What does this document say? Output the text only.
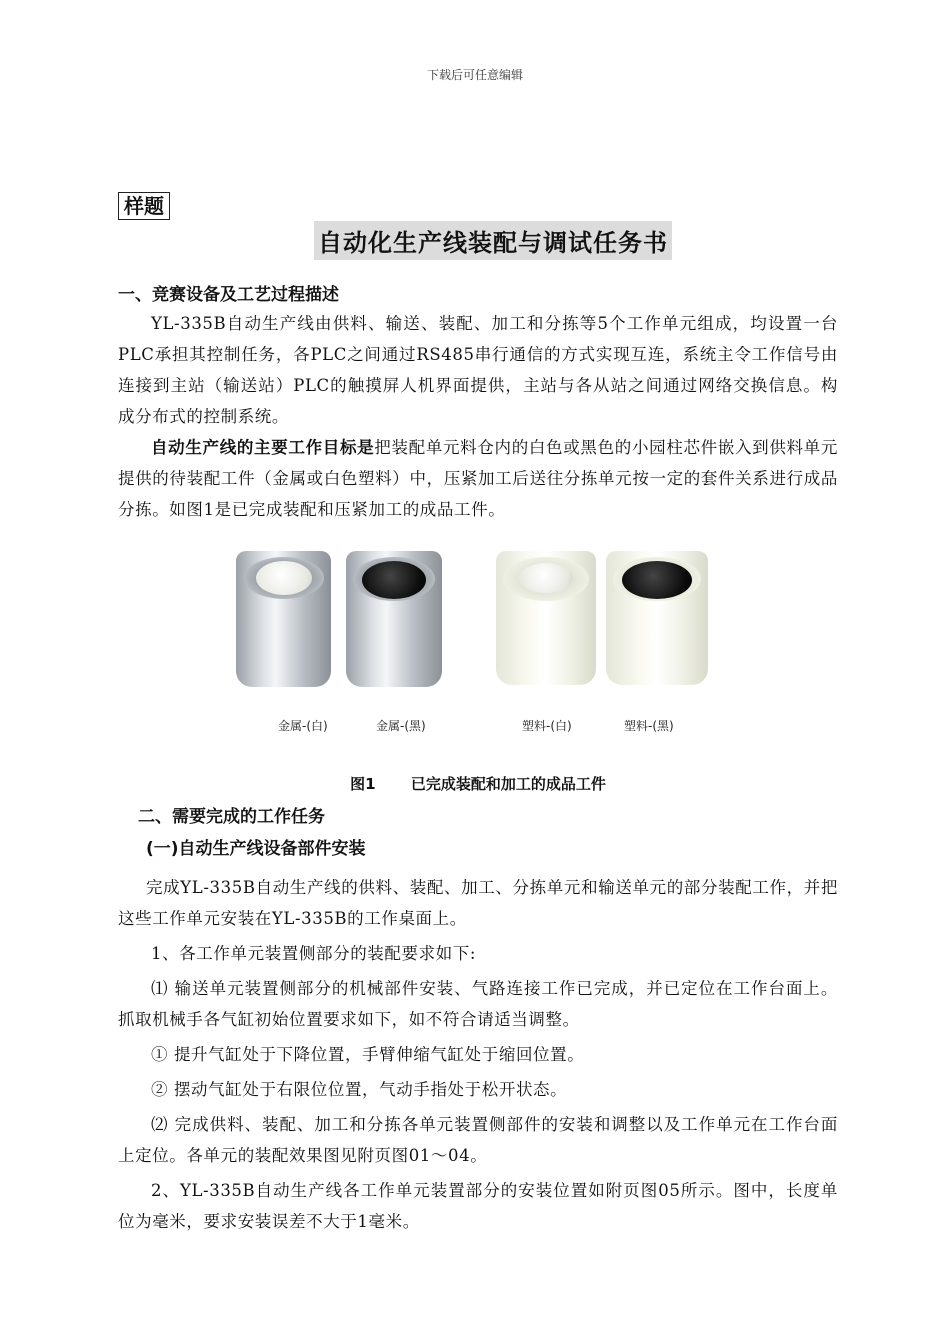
下载后可任意编辑
样题
自动化生产线装配与调试任务书

一、竞赛设备及工艺过程描述

YL-335B自动生产线由供料、输送、装配、加工和分拣等5个工作单元组成，均设置一台PLC承担其控制任务，各PLC之间通过RS485串行通信的方式实现互连，系统主令工作信号由连接到主站（输送站）PLC的触摸屏人机界面提供，主站与各从站之间通过网络交换信息。构成分布式的控制系统。

自动生产线的主要工作目标是把装配单元料仓内的白色或黑色的小园柱芯件嵌入到供料单元提供的待装配工件（金属或白色塑料）中，压紧加工后送往分拣单元按一定的套件关系进行成品分拣。如图1是已完成装配和压紧加工的成品工件。

金属-(白)	金属-(黑)	塑料-(白)	塑料-(黑)

图1 已完成装配和加工的成品工件

二、需要完成的工作任务

(一)自动生产线设备部件安装

完成YL-335B自动生产线的供料、装配、加工、分拣单元和输送单元的部分装配工作，并把这些工作单元安装在YL-335B的工作桌面上。

1、各工作单元装置侧部分的装配要求如下:

⑴ 输送单元装置侧部分的机械部件安装、气路连接工作已完成，并已定位在工作台面上。抓取机械手各气缸初始位置要求如下，如不符合请适当调整。

① 提升气缸处于下降位置，手臂伸缩气缸处于缩回位置。

② 摆动气缸处于右限位位置，气动手指处于松开状态。

⑵ 完成供料、装配、加工和分拣各单元装置侧部件的安装和调整以及工作单元在工作台面上定位。各单元的装配效果图见附页图01～04。

2、YL-335B自动生产线各工作单元装置部分的安装位置如附页图05所示。图中，长度单位为毫米，要求安装误差不大于1毫米。
